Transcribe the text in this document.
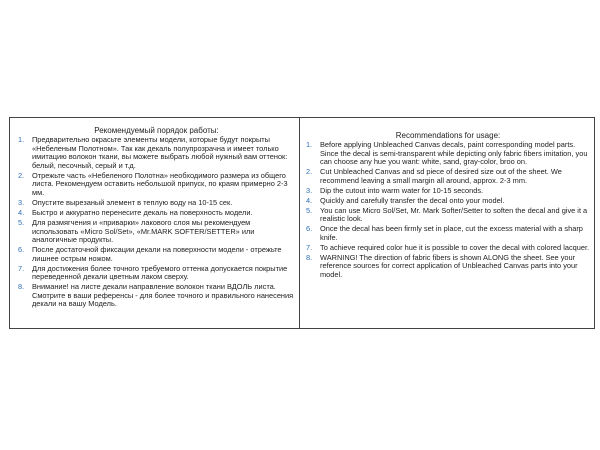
Рекомендуемый порядок работы:
1.	Предварительно окрасьте элементы модели, которые будут покрыты «Небеленым Полотном». Так как декаль полупрозрачна и имеет только имитацию волокон ткани, вы можете выбрать любой нужный вам оттенок: белый, песочный, серый и т.д.
2.	Отрежьте часть «Небеленого Полотна» необходимого размера из общего листа. Рекомендуем оставить небольшой припуск, по краям примерно 2-3 мм.
3.	Опустите вырезаный элемент в теплую воду на 10-15 сек.
4.	Быстро и аккуратно перенесите декаль на поверхность модели.
5.	Для размягчения и «приварки» лакового слоя мы рекомендуем использовать «Micro Sol/Set», «Mr.MARK SOFTER/SETTER» или аналогичные продукты.
6.	После достаточной фиксации декали на поверхности модели - отрежьте лишнее острым ножом.
7.	Для достижения более точного требуемого оттенка допускается покрытие переведенной декали цветным лаком сверху.
8.	Внимание! на листе декали направление волокон ткани ВДОЛЬ листа. Смотрите в ваши референсы - для более точного и правильного нанесения декали на вашу Модель.
Recommendations for usage:
1.	Before applying Unbleached Canvas decals, paint corresponding model parts. Since the decal is semi-transparent while depicting only fabric fibers imitation, you can choose any hue you want: white, sand, gray-color, broo on.
2.	Cut Unbleached Canvas and sd piece of desired size out of the sheet. We recommend leaving a small margin all around, approx. 2-3 mm.
3.	Dip the cutout into warm water for 10-15 seconds.
4.	Quickly and carefully transfer the decal onto your model.
5.	You can use Micro Sol/Set, Mr. Mark Softer/Setter to soften the decal and give it a realistic look.
6.	Once the decal has been firmly set in place, cut the excess material with a sharp knife.
7.	To achieve required color hue it is possible to cover the decal with colored lacquer.
8.	WARNING! The direction of fabric fibers is shown ALONG the sheet. See your reference sources for correct application of Unbleached Canvas parts into your model.
